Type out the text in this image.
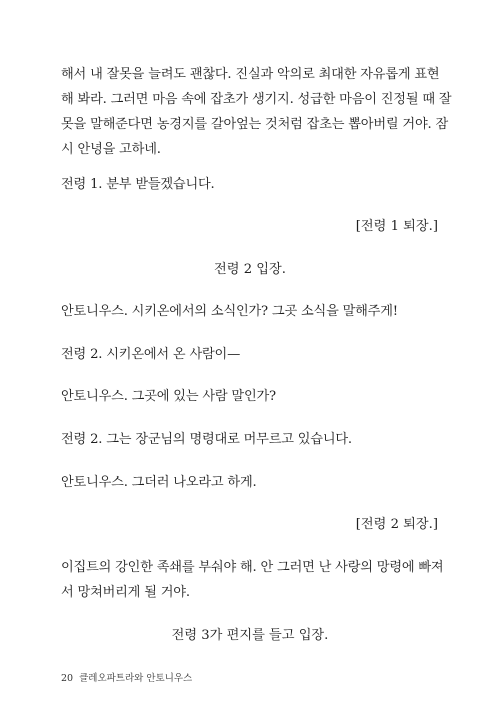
해서 내 잘못을 늘려도 괜찮다. 진실과 악의로 최대한 자유롭게 표현
해 봐라. 그러면 마음 속에 잡초가 생기지. 성급한 마음이 진정될 때 잘
못을 말해준다면 농경지를 갈아엎는 것처럼 잡초는 뽑아버릴 거야. 잠
시 안녕을 고하네.
전령 1. 분부 받들겠습니다.
[전령 1 퇴장.]
전령 2 입장.
안토니우스. 시키온에서의 소식인가? 그곳 소식을 말해주게!
전령 2. 시키온에서 온 사람이—
안토니우스. 그곳에 있는 사람 말인가?
전령 2. 그는 장군님의 명령대로 머무르고 있습니다.
안토니우스. 그더러 나오라고 하게.
[전령 2 퇴장.]
이집트의 강인한 족쇄를 부숴야 해. 안 그러면 난 사랑의 망령에 빠져
서 망쳐버리게 될 거야.
전령 3가 편지를 들고 입장.
20 클레오파트라와 안토니우스
